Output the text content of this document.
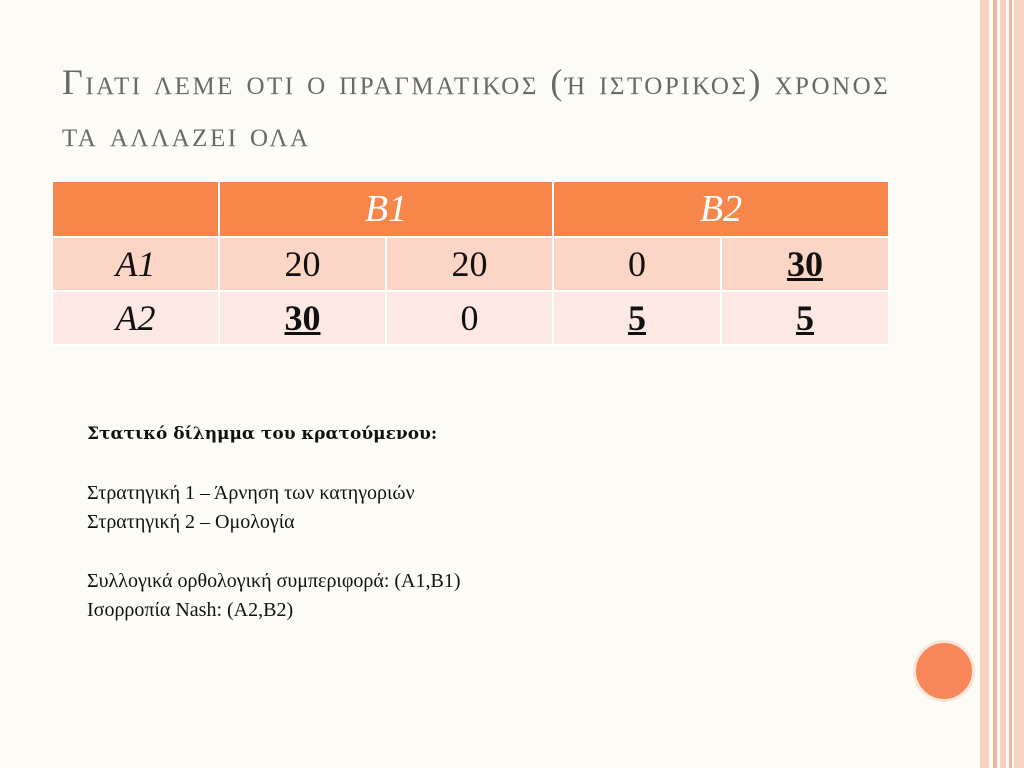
Γιατι λεμε οτι ο πραγματικος (ή ιστορικος) χρονος τα αλλαζει ολα
	B1		B2	
A1	20	20	0	30
A2	30	0	5	5

Στατικό δίλημμα του κρατούμενου:

Στρατηγική 1 – Άρνηση των κατηγοριών

Στρατηγική 2 – Ομολογία

Συλλογικά ορθολογική συμπεριφορά: (A1,B1)

Ισορροπία Nash: (A2,B2)
